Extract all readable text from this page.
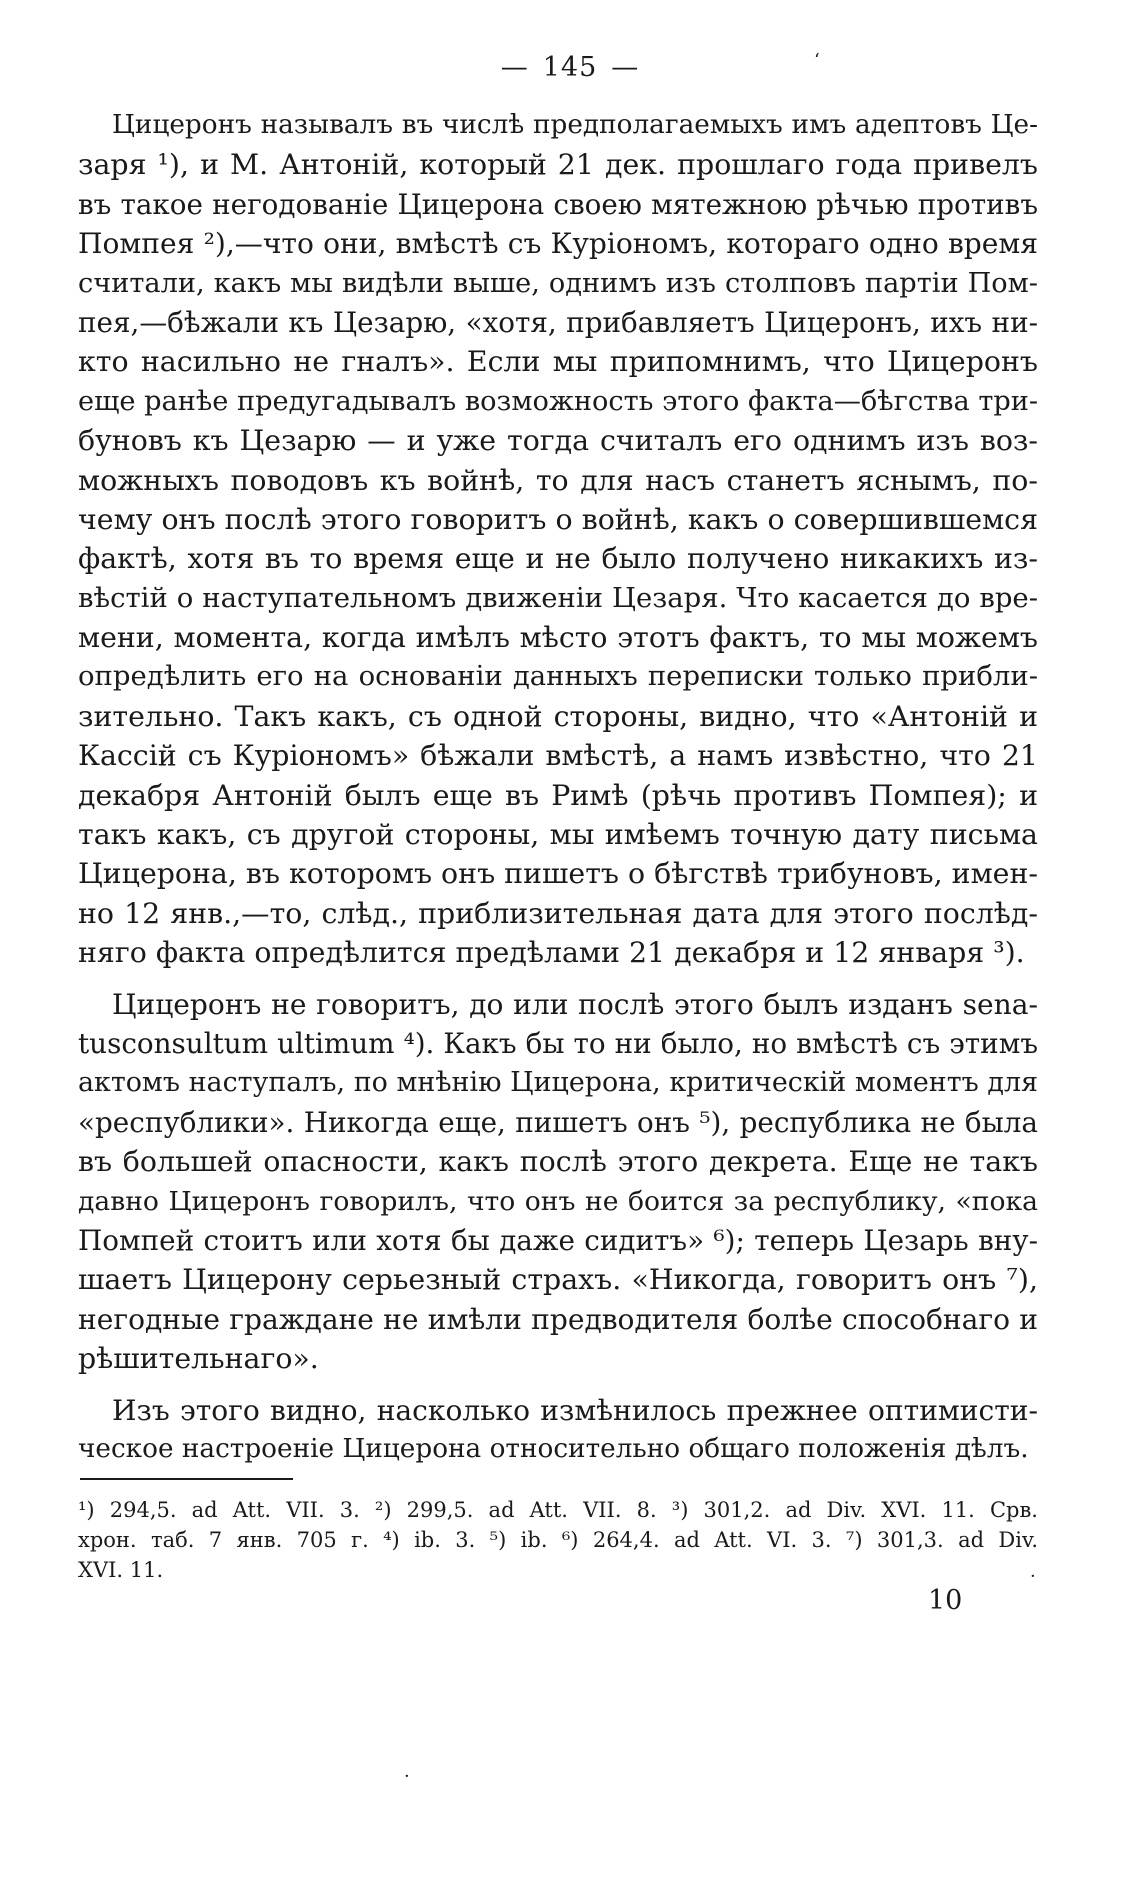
— 145 —	‘
Цицеронъ называлъ въ числѣ предполагаемыхъ имъ адептовъ Це-
заря ¹), и М. Антоній, который 21 дек. прошлаго года привелъ
въ такое негодованіе Цицерона своею мятежною рѣчью противъ
Помпея ²),—что они, вмѣстѣ съ Куріономъ, котораго одно время
считали, какъ мы видѣли выше, однимъ изъ столповъ партіи Пом-
пея,—бѣжали къ Цезарю, «хотя, прибавляетъ Цицеронъ, ихъ ни-
кто насильно не гналъ». Если мы припомнимъ, что Цицеронъ
еще ранѣе предугадывалъ возможность этого факта—бѣгства три-
буновъ къ Цезарю — и уже тогда считалъ его однимъ изъ воз-
можныхъ поводовъ къ войнѣ, то для насъ станетъ яснымъ, по-
чему онъ послѣ этого говоритъ о войнѣ, какъ о совершившемся
фактѣ, хотя въ то время еще и не было получено никакихъ из-
вѣстій о наступательномъ движеніи Цезаря. Что касается до вре-
мени, момента, когда имѣлъ мѣсто этотъ фактъ, то мы можемъ
опредѣлить его на основаніи данныхъ переписки только прибли-
зительно. Такъ какъ, съ одной стороны, видно, что «Антоній и
Кассій съ Куріономъ» бѣжали вмѣстѣ, а намъ извѣстно, что 21
декабря Антоній былъ еще въ Римѣ (рѣчь противъ Помпея); и
такъ какъ, съ другой стороны, мы имѣемъ точную дату письма
Цицерона, въ которомъ онъ пишетъ о бѣгствѣ трибуновъ, имен-
но 12 янв.,—то, слѣд., приблизительная дата для этого послѣд-
няго факта опредѣлится предѣлами 21 декабря и 12 января ³).
Цицеронъ не говоритъ, до или послѣ этого былъ изданъ sena-
tusconsultum ultimum ⁴). Какъ бы то ни было, но вмѣстѣ съ этимъ
актомъ наступалъ, по мнѣнію Цицерона, критическій моментъ для
«республики». Никогда еще, пишетъ онъ ⁵), республика не была
въ большей опасности, какъ послѣ этого декрета. Еще не такъ
давно Цицеронъ говорилъ, что онъ не боится за республику, «пока
Помпей стоитъ или хотя бы даже сидитъ» ⁶); теперь Цезарь вну-
шаетъ Цицерону серьезный страхъ. «Никогда, говоритъ онъ ⁷),
негодные граждане не имѣли предводителя болѣе способнаго и
рѣшительнаго».
Изъ этого видно, насколько измѣнилось прежнее оптимисти-
ческое настроеніе Цицерона относительно общаго положенія дѣлъ.
¹) 294,5. ad Att. VII. 3. ²) 299,5. ad Att. VII. 8. ³) 301,2. ad Div. XVI. 11. Срв.
хрон. таб. 7 янв. 705 г. ⁴) ib. 3. ⁵) ib. ⁶) 264,4. ad Att. VI. 3. ⁷) 301,3. ad Div.
XVI. 11.
10
·
·
